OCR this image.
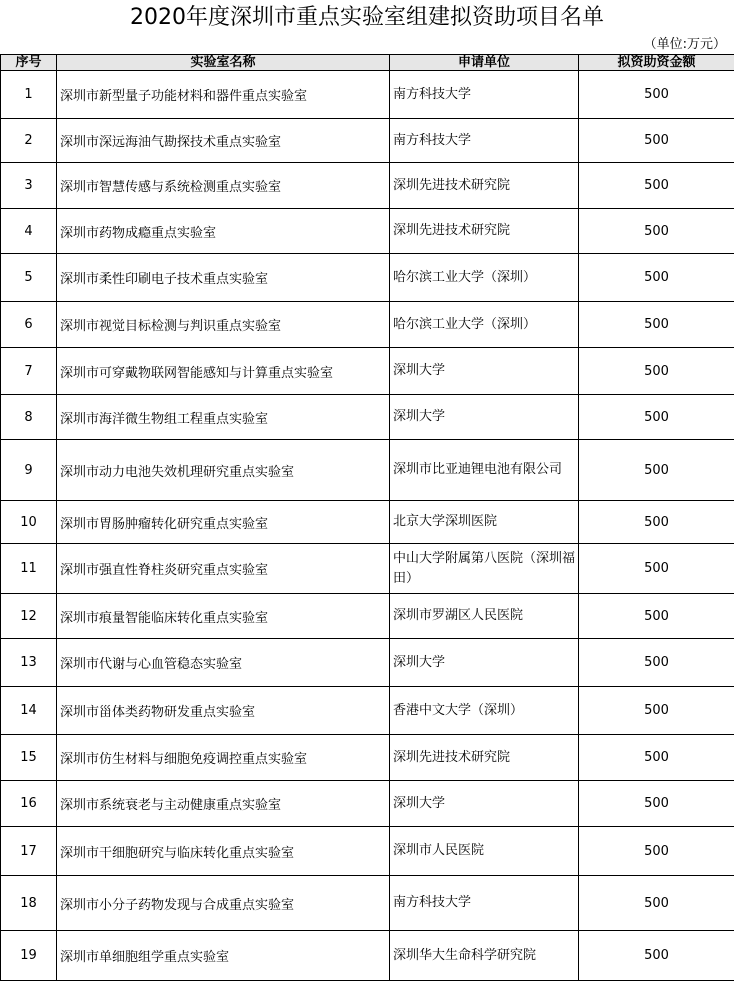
2020年度深圳市重点实验室组建拟资助项目名单
（单位:万元）
序号	实验室名称	申请单位	拟资助资金额
1	深圳市新型量子功能材料和器件重点实验室	南方科技大学	500
2	深圳市深远海油气勘探技术重点实验室	南方科技大学	500
3	深圳市智慧传感与系统检测重点实验室	深圳先进技术研究院	500
4	深圳市药物成瘾重点实验室	深圳先进技术研究院	500
5	深圳市柔性印刷电子技术重点实验室	哈尔滨工业大学（深圳）	500
6	深圳市视觉目标检测与判识重点实验室	哈尔滨工业大学（深圳）	500
7	深圳市可穿戴物联网智能感知与计算重点实验室	深圳大学	500
8	深圳市海洋微生物组工程重点实验室	深圳大学	500
9	深圳市动力电池失效机理研究重点实验室	深圳市比亚迪锂电池有限公司	500
10	深圳市胃肠肿瘤转化研究重点实验室	北京大学深圳医院	500
11	深圳市强直性脊柱炎研究重点实验室	中山大学附属第八医院（深圳福田）	500
12	深圳市痕量智能临床转化重点实验室	深圳市罗湖区人民医院	500
13	深圳市代谢与心血管稳态实验室	深圳大学	500
14	深圳市甾体类药物研发重点实验室	香港中文大学（深圳）	500
15	深圳市仿生材料与细胞免疫调控重点实验室	深圳先进技术研究院	500
16	深圳市系统衰老与主动健康重点实验室	深圳大学	500
17	深圳市干细胞研究与临床转化重点实验室	深圳市人民医院	500
18	深圳市小分子药物发现与合成重点实验室	南方科技大学	500
19	深圳市单细胞组学重点实验室	深圳华大生命科学研究院	500
